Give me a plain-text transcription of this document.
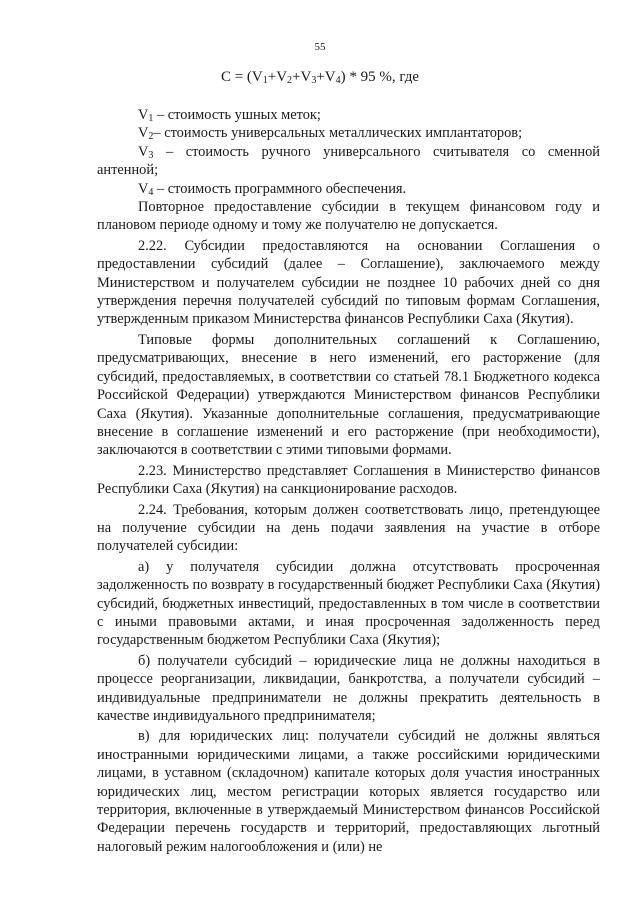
55
$C = (V_1+V_2+V_3+V_4) * 95$ %, где

$V_1$ – стоимость ушных меток;

$V_2-$ стоимость универсальных металлических имплантаторов;

$V_3$ – стоимость ручного универсального считывателя со сменной антенной;

$V_4$ – стоимость программного обеспечения.

Повторное предоставление субсидии в текущем финансовом году и плановом периоде одному и тому же получателю не допускается.

2.22. Субсидии предоставляются на основании Соглашения о предоставлении субсидий (далее – Соглашение), заключаемого между Министерством и получателем субсидии не позднее 10 рабочих дней со дня утверждения перечня получателей субсидий по типовым формам Соглашения, утвержденным приказом Министерства финансов Республики Саха (Якутия).

Типовые формы дополнительных соглашений к Соглашению, предусматривающих, внесение в него изменений, его расторжение (для субсидий, предоставляемых, в соответствии со статьей 78.1 Бюджетного кодекса Российской Федерации) утверждаются Министерством финансов Республики Саха (Якутия). Указанные дополнительные соглашения, предусматривающие внесение в соглашение изменений и его расторжение (при необходимости), заключаются в соответствии с этими типовыми формами.

2.23. Министерство представляет Соглашения в Министерство финансов Республики Саха (Якутия) на санкционирование расходов.

2.24. Требования, которым должен соответствовать лицо, претендующее на получение субсидии на день подачи заявления на участие в отборе получателей субсидии:

а) у получателя субсидии должна отсутствовать просроченная задолженность по возврату в государственный бюджет Республики Саха (Якутия) субсидий, бюджетных инвестиций, предоставленных в том числе в соответствии с иными правовыми актами, и иная просроченная задолженность перед государственным бюджетом Республики Саха (Якутия);

б) получатели субсидий – юридические лица не должны находиться в процессе реорганизации, ликвидации, банкротства, а получатели субсидий – индивидуальные предприниматели не должны прекратить деятельность в качестве индивидуального предпринимателя;

в) для юридических лиц: получатели субсидий не должны являться иностранными юридическими лицами, а также российскими юридическими лицами, в уставном (складочном) капитале которых доля участия иностранных юридических лиц, местом регистрации которых является государство или территория, включенные в утверждаемый Министерством финансов Российской Федерации перечень государств и территорий, предоставляющих льготный налоговый режим налогообложения и (или) не
